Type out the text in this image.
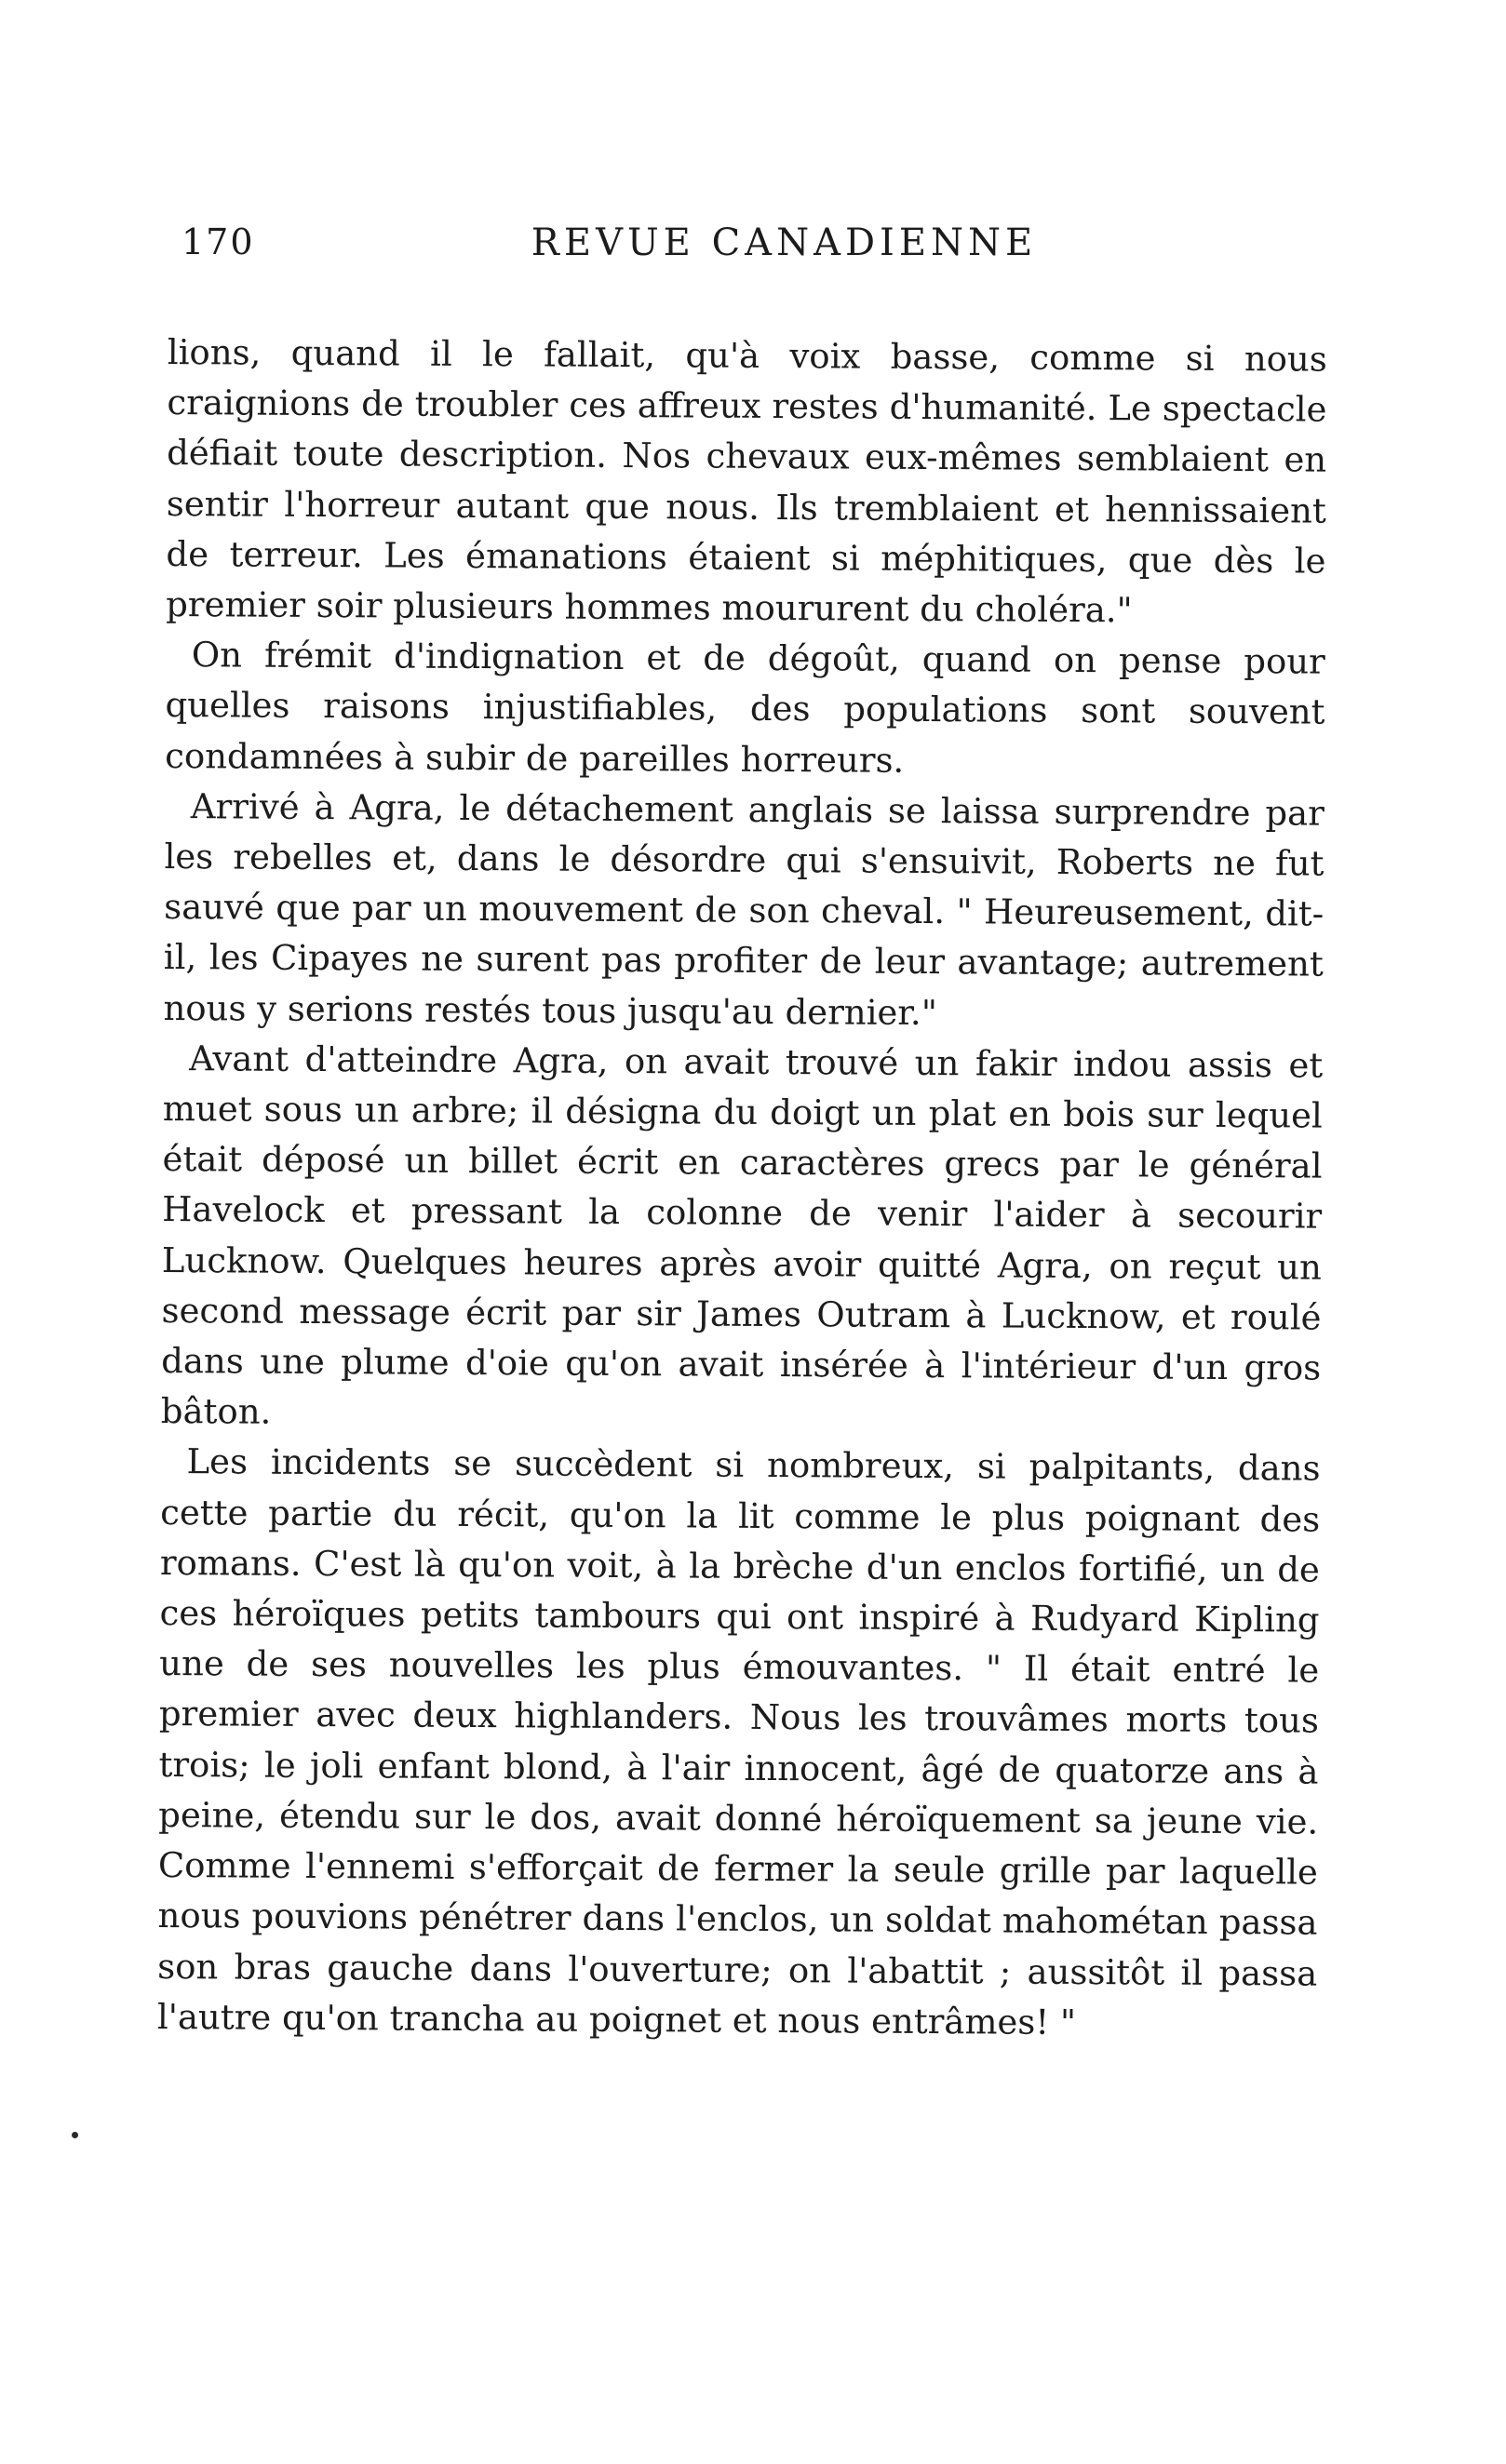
170	REVUE CANADIENNE

lions, quand il le fallait, qu'à voix basse, comme si nous craignions de troubler ces affreux restes d'humanité. Le spectacle défiait toute description. Nos chevaux eux-mêmes semblaient en sentir l'horreur autant que nous. Ils tremblaient et hennissaient de terreur. Les émanations étaient si méphitiques, que dès le premier soir plusieurs hommes moururent du choléra."

On frémit d'indignation et de dégoût, quand on pense pour quelles raisons injustifiables, des populations sont souvent condamnées à subir de pareilles horreurs.

Arrivé à Agra, le détachement anglais se laissa surprendre par les rebelles et, dans le désordre qui s'ensuivit, Roberts ne fut sauvé que par un mouvement de son cheval. " Heureusement, dit-il, les Cipayes ne surent pas profiter de leur avantage; autrement nous y serions restés tous jusqu'au dernier."

Avant d'atteindre Agra, on avait trouvé un fakir indou assis et muet sous un arbre; il désigna du doigt un plat en bois sur lequel était déposé un billet écrit en caractères grecs par le général Havelock et pressant la colonne de venir l'aider à secourir Lucknow. Quelques heures après avoir quitté Agra, on reçut un second message écrit par sir James Outram à Lucknow, et roulé dans une plume d'oie qu'on avait insérée à l'intérieur d'un gros bâton.

Les incidents se succèdent si nombreux, si palpitants, dans cette partie du récit, qu'on la lit comme le plus poignant des romans. C'est là qu'on voit, à la brèche d'un enclos fortifié, un de ces héroïques petits tambours qui ont inspiré à Rudyard Kipling une de ses nouvelles les plus émouvantes. " Il était entré le premier avec deux highlanders. Nous les trouvâmes morts tous trois; le joli enfant blond, à l'air innocent, âgé de quatorze ans à peine, étendu sur le dos, avait donné héroïquement sa jeune vie. Comme l'ennemi s'efforçait de fermer la seule grille par laquelle nous pouvions pénétrer dans l'enclos, un soldat mahométan passa son bras gauche dans l'ouverture; on l'abattit ; aussitôt il passa l'autre qu'on trancha au poignet et nous entrâmes! "
